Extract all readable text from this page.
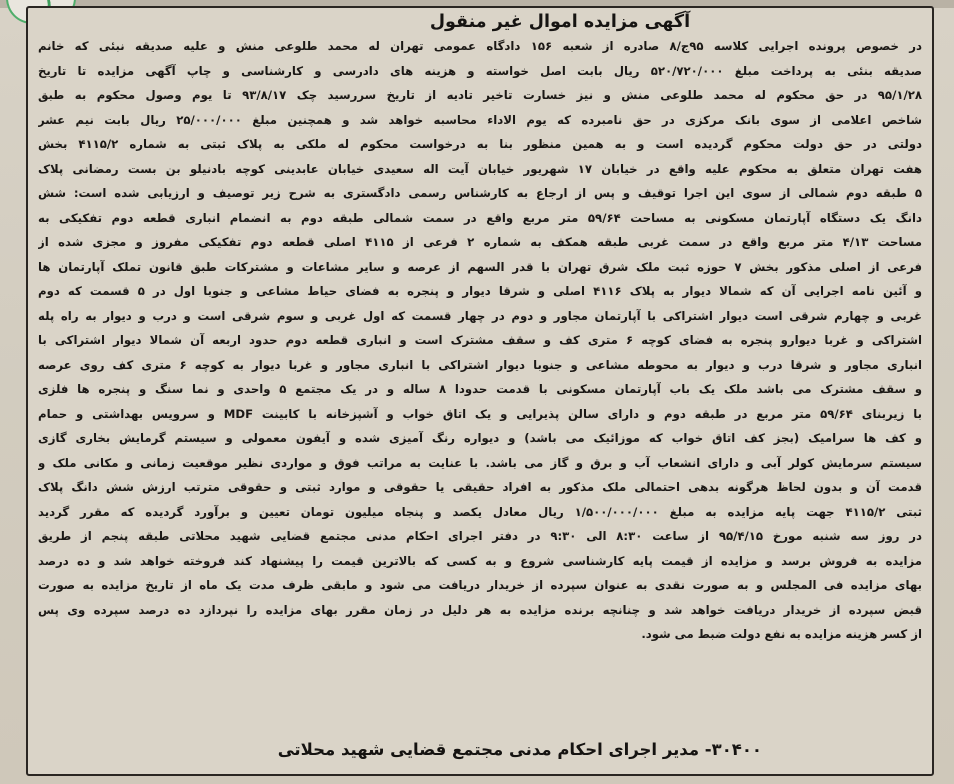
آگهی مزایده اموال غیر منقول
در خصوص پرونده اجرایی کلاسه ۹۵ج/۸ صادره از شعبه ۱۵۶ دادگاه عمومی تهران له محمد طلوعی منش و علیه صدیقه نبئی که خانم
صدیقه بنئی به پرداخت مبلغ ۵۲۰/۷۲۰/۰۰۰ ریال بابت اصل خواسته و هزینه های دادرسی و کارشناسی و چاپ آگهی مزایده تا تاریخ
۹۵/۱/۲۸ در حق محکوم له محمد طلوعی منش و نیز خسارت تاخیر تادیه از تاریخ سررسید چک ۹۳/۸/۱۷ تا یوم وصول محکوم به طبق
شاخص اعلامی از سوی بانک مرکزی در حق نامبرده که یوم الاداء محاسبه خواهد شد و همچنین مبلغ ۲۵/۰۰۰/۰۰۰ ریال بابت نیم عشر
دولتی در حق دولت محکوم گردیده است و به همین منظور بنا به درخواست محکوم له ملکی به پلاک ثبتی به شماره ۴۱۱۵/۲ بخش
هفت تهران متعلق به محکوم علیه واقع در خیابان ۱۷ شهریور خیابان آیت اله سعیدی خیابان عابدینی کوچه بادنیلو بن بست رمضانی پلاک
۵ طبقه دوم شمالی از سوی این اجرا توقیف و پس از ارجاع به کارشناس رسمی دادگستری به شرح زیر توصیف و ارزیابی شده است: شش
دانگ یک دستگاه آپارتمان مسکونی به مساحت ۵۹/۶۴ متر مربع واقع در سمت شمالی طبقه دوم به انضمام انباری قطعه دوم تفکیکی به
مساحت ۴/۱۳ متر مربع واقع در سمت غربی طبقه همکف به شماره ۲ فرعی از ۴۱۱۵ اصلی قطعه دوم تفکیکی مفروز و مجزی شده از
فرعی از اصلی مذکور بخش ۷ حوزه ثبت ملک شرق تهران با قدر السهم از عرصه و سایر مشاعات و مشترکات طبق قانون تملک آپارتمان ها
و آئین نامه اجرایی آن که شمالا دیوار به پلاک ۴۱۱۶ اصلی و شرقا دیوار و پنجره به فضای حیاط مشاعی و جنوبا اول در ۵ قسمت که دوم
غربی و چهارم شرقی است دیوار اشتراکی با آپارتمان مجاور و دوم در چهار قسمت که اول غربی و سوم شرقی است و درب و دیوار به راه پله
اشتراکی و غربا دیوارو پنجره به فضای کوچه ۶ متری کف و سقف مشترک است و انباری قطعه دوم حدود اربعه آن شمالا دیوار اشتراکی با
انباری مجاور و شرقا درب و دیوار به محوطه مشاعی و جنوبا دیوار اشتراکی با انباری مجاور و غربا دیوار به کوچه ۶ متری کف روی عرصه
و سقف مشترک می باشد ملک یک باب آپارتمان مسکونی با قدمت حدودا ۸ ساله و در یک مجتمع ۵ واحدی و نما سنگ و پنجره ها فلزی
با زیربنای ۵۹/۶۴ متر مربع در طبقه دوم و دارای سالن پذیرایی و یک اتاق خواب و آشپزخانه با کابینت MDF و سرویس بهداشتی و حمام
و کف ها سرامیک (بجز کف اتاق خواب که موزائیک می باشد) و دیواره رنگ آمیزی شده و آیفون معمولی و سیستم گرمایش بخاری گازی
سیستم سرمایش کولر آبی و دارای انشعاب آب و برق و گاز می باشد. با عنایت به مراتب فوق و مواردی نظیر موقعیت زمانی و مکانی ملک و
قدمت آن و بدون لحاظ هرگونه بدهی احتمالی ملک مذکور به افراد حقیقی یا حقوقی و موارد ثبتی و حقوقی مترتب ارزش شش دانگ پلاک
ثبتی ۴۱۱۵/۲ جهت پایه مزایده به مبلغ ۱/۵۰۰/۰۰۰/۰۰۰ ریال معادل یکصد و پنجاه میلیون تومان تعیین و برآورد گردیده که مقرر گردید
در روز سه شنبه مورخ ۹۵/۴/۱۵ از ساعت ۸:۳۰ الی ۹:۳۰ در دفتر اجرای احکام مدنی مجتمع قضایی شهید محلاتی طبقه پنجم از طریق
مزایده به فروش برسد و مزایده از قیمت پایه کارشناسی شروع و به کسی که بالاترین قیمت را پیشنهاد کند فروخته خواهد شد و ده درصد
بهای مزایده فی المجلس و به صورت نقدی به عنوان سپرده از خریدار دریافت می شود و مابقی ظرف مدت یک ماه از تاریخ مزایده به صورت
قبض سپرده از خریدار دریافت خواهد شد و چنانچه برنده مزایده به هر دلیل در زمان مقرر بهای مزایده را نپردازد ده درصد سپرده وی پس
از کسر هزینه مزایده به نفع دولت ضبط می شود.
۳۰۴۰۰- مدیر اجرای احکام مدنی مجتمع قضایی شهید محلاتی
